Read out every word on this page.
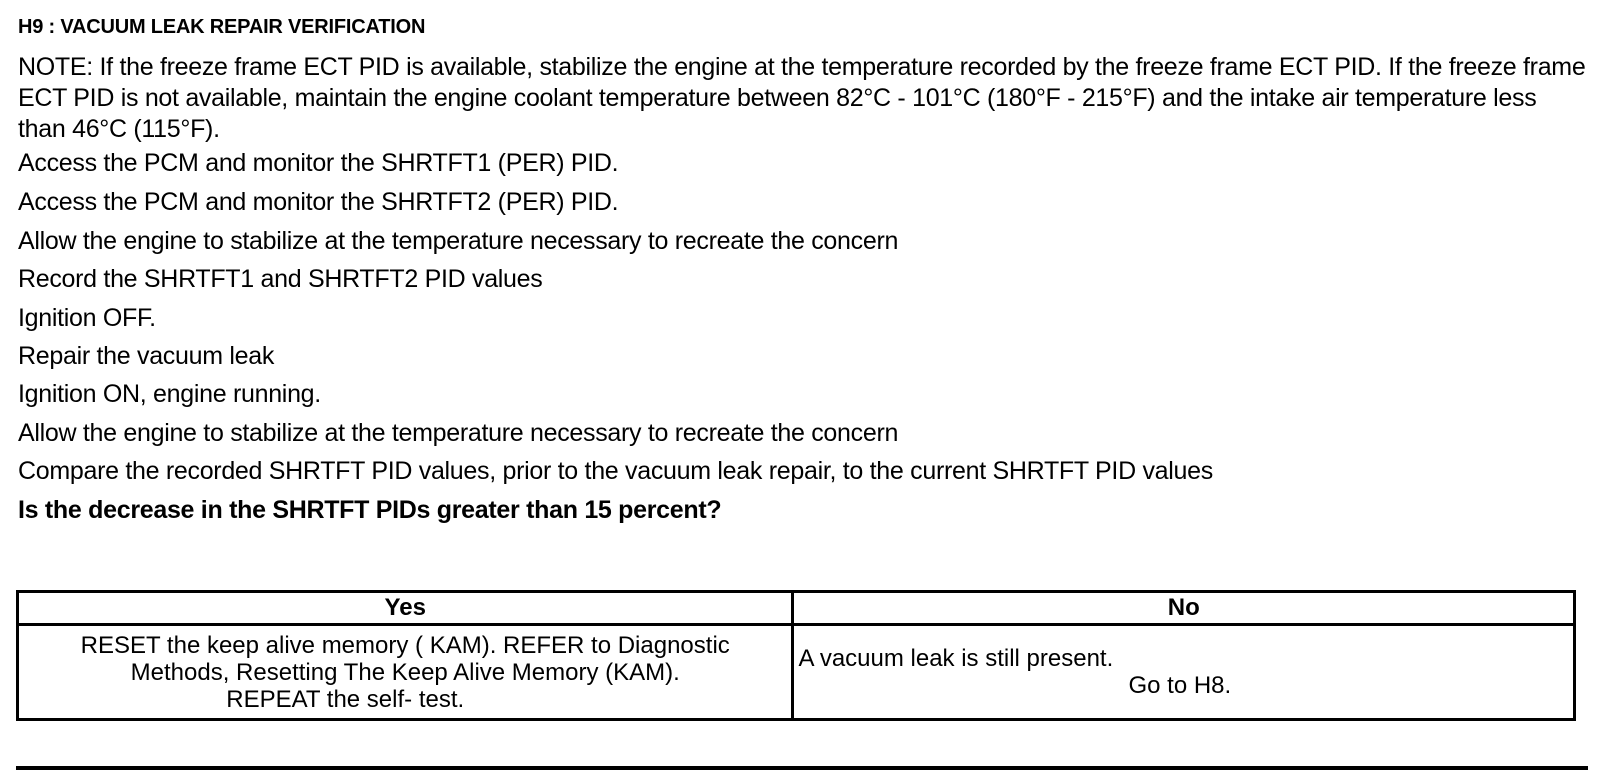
H9 : VACUUM LEAK REPAIR VERIFICATION
NOTE: If the freeze frame ECT PID is available, stabilize the engine at the temperature recorded by the freeze frame ECT PID. If the freeze frame ECT PID is not available, maintain the engine coolant temperature between 82°C - 101°C (180°F - 215°F) and the intake air temperature less than 46°C (115°F).
Access the PCM and monitor the SHRTFT1 (PER) PID.
Access the PCM and monitor the SHRTFT2 (PER) PID.
Allow the engine to stabilize at the temperature necessary to recreate the concern
Record the SHRTFT1 and SHRTFT2 PID values
Ignition OFF.
Repair the vacuum leak
Ignition ON, engine running.
Allow the engine to stabilize at the temperature necessary to recreate the concern
Compare the recorded SHRTFT PID values, prior to the vacuum leak repair, to the current SHRTFT PID values
Is the decrease in the SHRTFT PIDs greater than 15 percent?
Yes	No

RESET the keep alive memory ( KAM). REFER to Diagnostic
Methods, Resetting The Keep Alive Memory (KAM).
REPEAT the self- test.	A vacuum leak is still present.
Go to H8.
